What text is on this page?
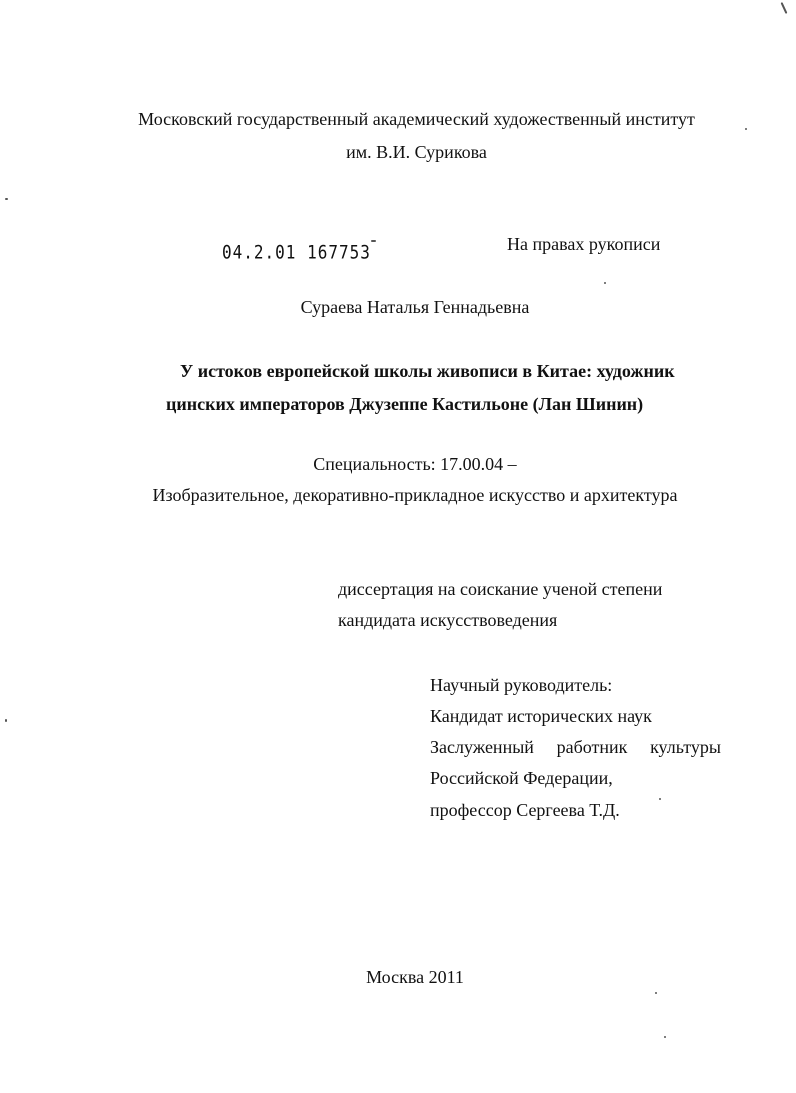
Московский государственный академический художественный институт
им. В.И. Сурикова
04.2.01 167753	На правах рукописи
Сураева Наталья Геннадьевна
У истоков европейской школы живописи в Китае: художник
цинских императоров Джузеппе Кастильоне (Лан Шинин)
Специальность: 17.00.04 –
Изобразительное, декоративно-прикладное искусство и архитектура
диссертация на соискание ученой степени
кандидата искусствоведения
Научный руководитель:
Кандидат исторических наук
Заслуженный работник культуры
Российской Федерации,
профессор Сергеева Т.Д.
Москва 2011
